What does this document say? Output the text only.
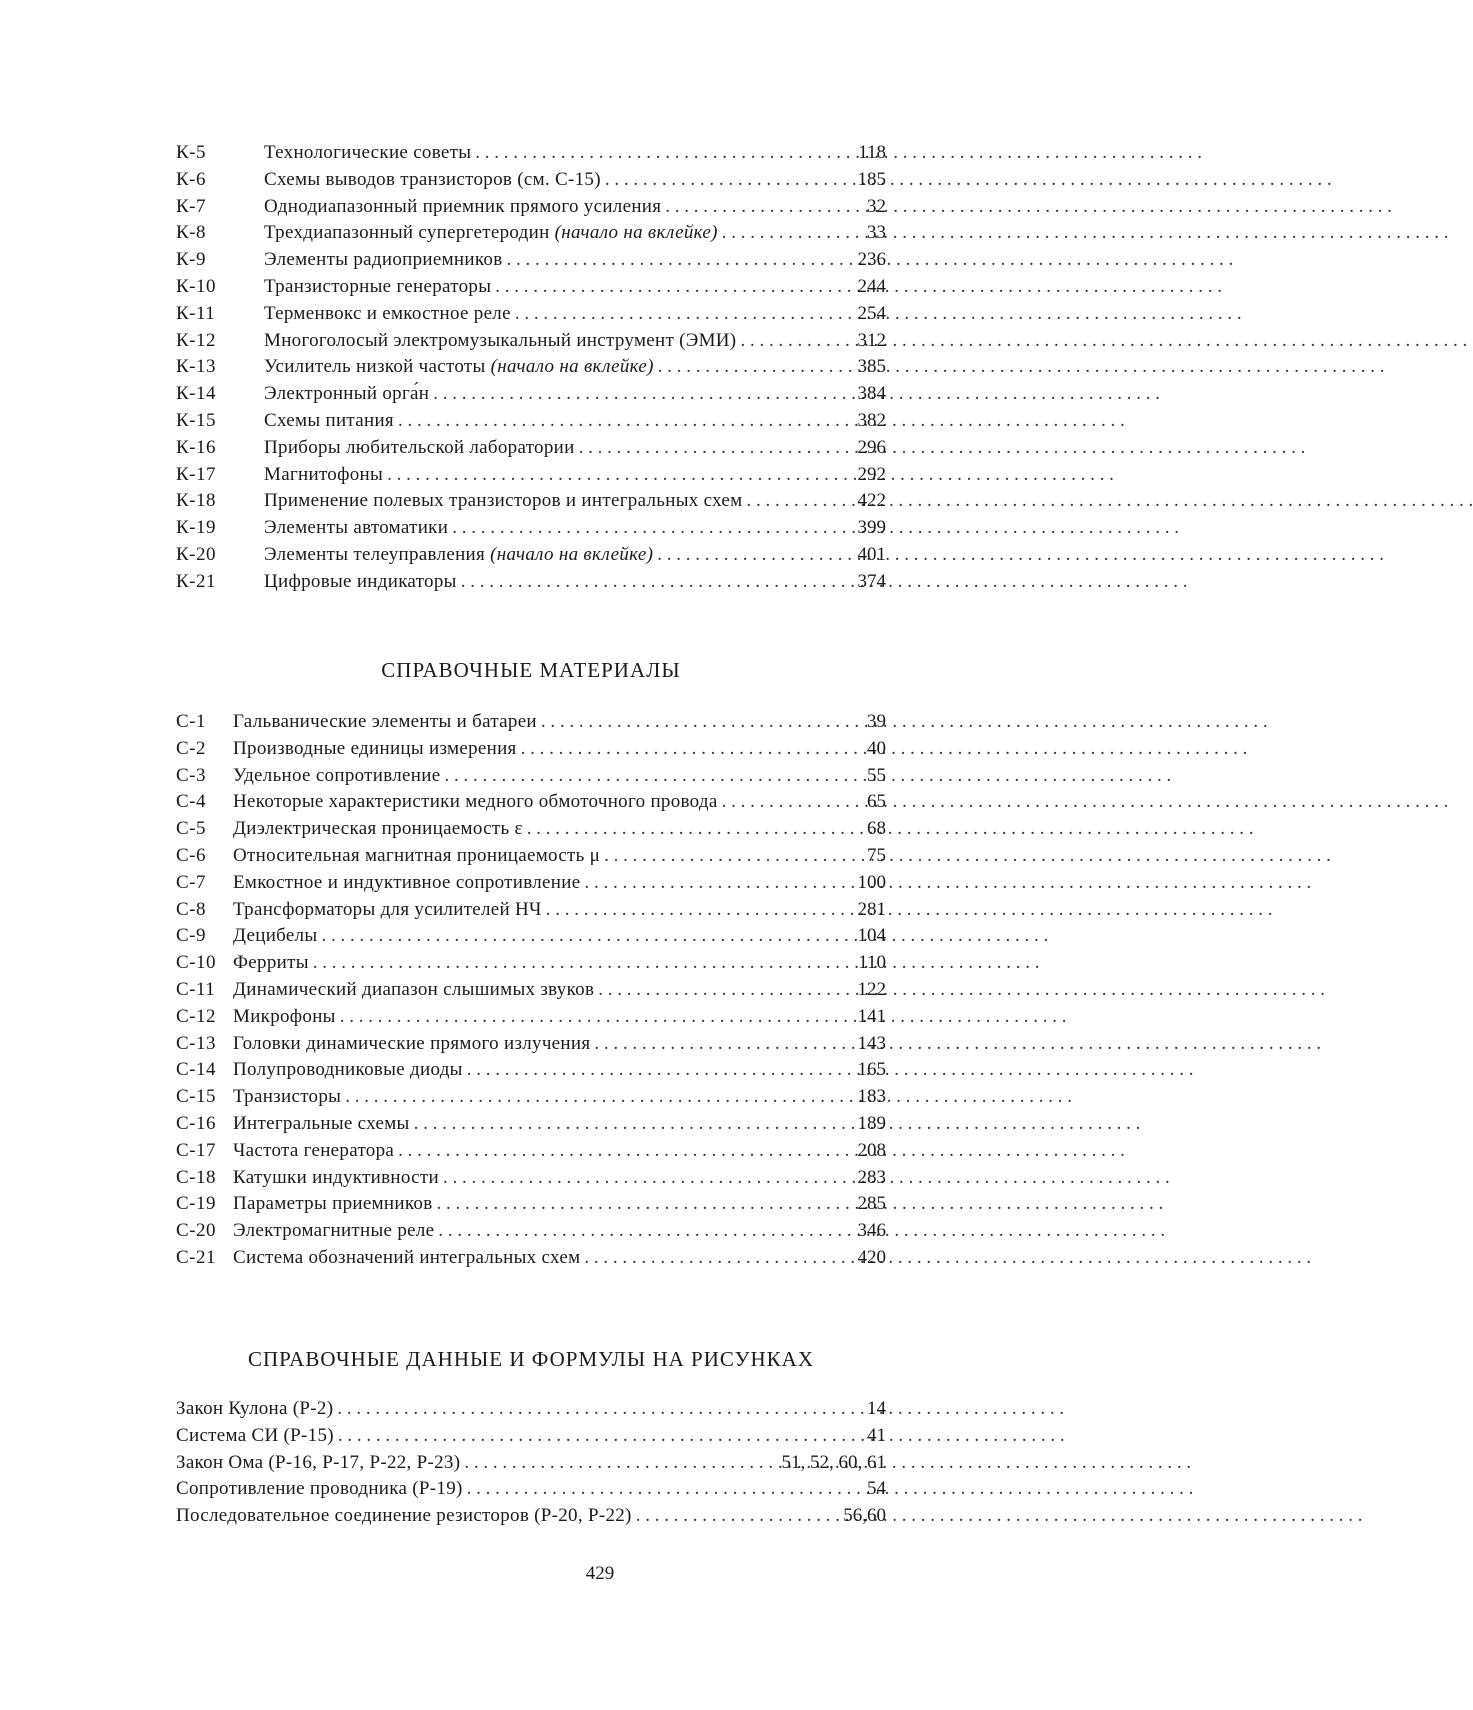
К-5	Технологические советы . . .	118
К-6	Схемы выводов транзисторов (см. С-15) . . .	185
К-7	Однодиапазонный приемник прямого усиления . . .	32
К-8	Трехдиапазонный супергетеродин (начало на вклейке) . . .	33
К-9	Элементы радиоприемников . . .	236
К-10	Транзисторные генераторы . . .	244
К-11	Терменвокс и емкостное реле . . .	254
К-12	Многоголосый электромузыкальный инструмент (ЭМИ) . . .	312
К-13	Усилитель низкой частоты (начало на вклейке) . . .	385
К-14	Электронный орга́н . . .	384
К-15	Схемы питания . . .	382
К-16	Приборы любительской лаборатории . . .	296
К-17	Магнитофоны . . .	292
К-18	Применение полевых транзисторов и интегральных схем . . .	422
К-19	Элементы автоматики . . .	399
К-20	Элементы телеуправления (начало на вклейке) . . .	401
К-21	Цифровые индикаторы . . .	374
СПРАВОЧНЫЕ МАТЕРИАЛЫ
С-1	Гальванические элементы и батареи . . .	39
С-2	Производные единицы измерения . . .	40
С-3	Удельное сопротивление . . .	55
С-4	Некоторые характеристики медного обмоточного провода . . .	65
С-5	Диэлектрическая проницаемость ε . . .	68
С-6	Относительная магнитная проницаемость μ . . .	75
С-7	Емкостное и индуктивное сопротивление . . .	100
С-8	Трансформаторы для усилителей НЧ . . .	281
С-9	Децибелы . . .	104
С-10 Ферриты . . .	110
С-11 Динамический диапазон слышимых звуков . . .	122
С-12 Микрофоны . . .	141
С-13 Головки динамические прямого излучения . . .	143
С-14 Полупроводниковые диоды . . .	165
С-15 Транзисторы . . .	183
С-16 Интегральные схемы . . .	189
С-17 Частота генератора . . .	208
С-18 Катушки индуктивности . . .	283
С-19 Параметры приемников . . .	285
С-20 Электромагнитные реле . . .	346
С-21 Система обозначений интегральных схем . . .	420
СПРАВОЧНЫЕ ДАННЫЕ И ФОРМУЛЫ НА РИСУНКАХ
Закон Кулона (Р-2) . . .	14
Система СИ (Р-15) . . .	41
Закон Ома (Р-16, Р-17, Р-22, Р-23) . . .	51, 52, 60, 61
Сопротивление проводника (Р-19) . . .	54
Последовательное соединение резисторов (Р-20, Р-22) . . .	56,60
429
